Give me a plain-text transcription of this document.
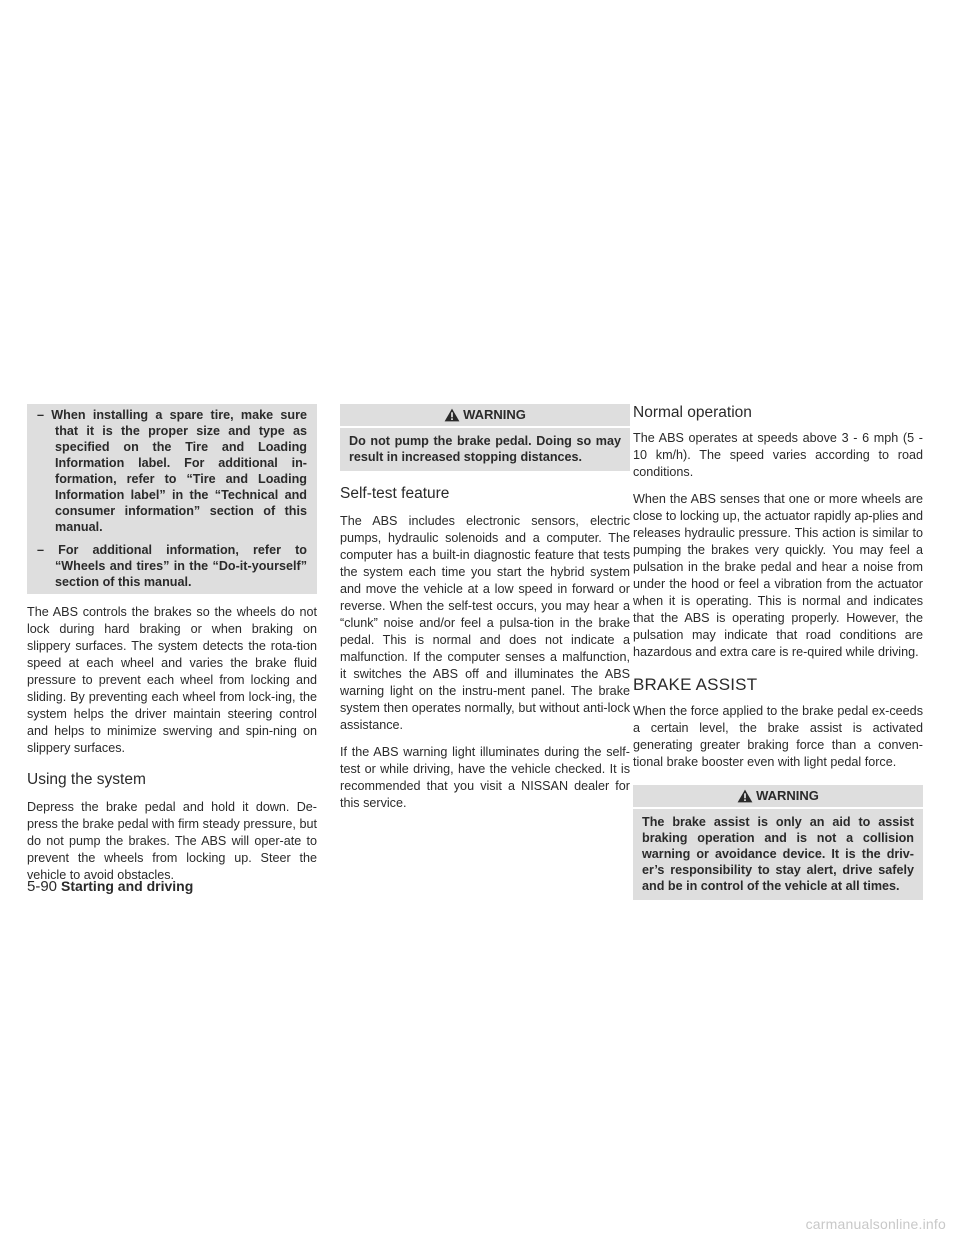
– When installing a spare tire, make sure that it is the proper size and type as specified on the Tire and Loading Information label. For additional in-formation, refer to “Tire and Loading Information label” in the “Technical and consumer information” section of this manual.

– For additional information, refer to “Wheels and tires” in the “Do-it-yourself” section of this manual.

The ABS controls the brakes so the wheels do not lock during hard braking or when braking on slippery surfaces. The system detects the rota-tion speed at each wheel and varies the brake fluid pressure to prevent each wheel from locking and sliding. By preventing each wheel from lock-ing, the system helps the driver maintain steering control and helps to minimize swerving and spin-ning on slippery surfaces.

Using the system

Depress the brake pedal and hold it down. De-press the brake pedal with firm steady pressure, but do not pump the brakes. The ABS will oper-ate to prevent the wheels from locking up. Steer the vehicle to avoid obstacles.

WARNING
Do not pump the brake pedal. Doing so may result in increased stopping distances.
Self-test feature

The ABS includes electronic sensors, electric pumps, hydraulic solenoids and a computer. The computer has a built-in diagnostic feature that tests the system each time you start the hybrid system and move the vehicle at a low speed in forward or reverse. When the self-test occurs, you may hear a “clunk” noise and/or feel a pulsa-tion in the brake pedal. This is normal and does not indicate a malfunction. If the computer senses a malfunction, it switches the ABS off and illuminates the ABS warning light on the instru-ment panel. The brake system then operates normally, but without anti-lock assistance.

If the ABS warning light illuminates during the self-test or while driving, have the vehicle checked. It is recommended that you visit a NISSAN dealer for this service.

Normal operation

The ABS operates at speeds above 3 - 6 mph (5 - 10 km/h). The speed varies according to road conditions.

When the ABS senses that one or more wheels are close to locking up, the actuator rapidly ap-plies and releases hydraulic pressure. This action is similar to pumping the brakes very quickly. You may feel a pulsation in the brake pedal and hear a noise from under the hood or feel a vibration from the actuator when it is operating. This is normal and indicates that the ABS is operating properly. However, the pulsation may indicate that road conditions are hazardous and extra care is re-quired while driving.

BRAKE ASSIST

When the force applied to the brake pedal ex-ceeds a certain level, the brake assist is activated generating greater braking force than a conven-tional brake booster even with light pedal force.

WARNING
The brake assist is only an aid to assist braking operation and is not a collision warning or avoidance device. It is the driv-er’s responsibility to stay alert, drive safely and be in control of the vehicle at all times.
5-90 Starting and driving
carmanualsonline.info
